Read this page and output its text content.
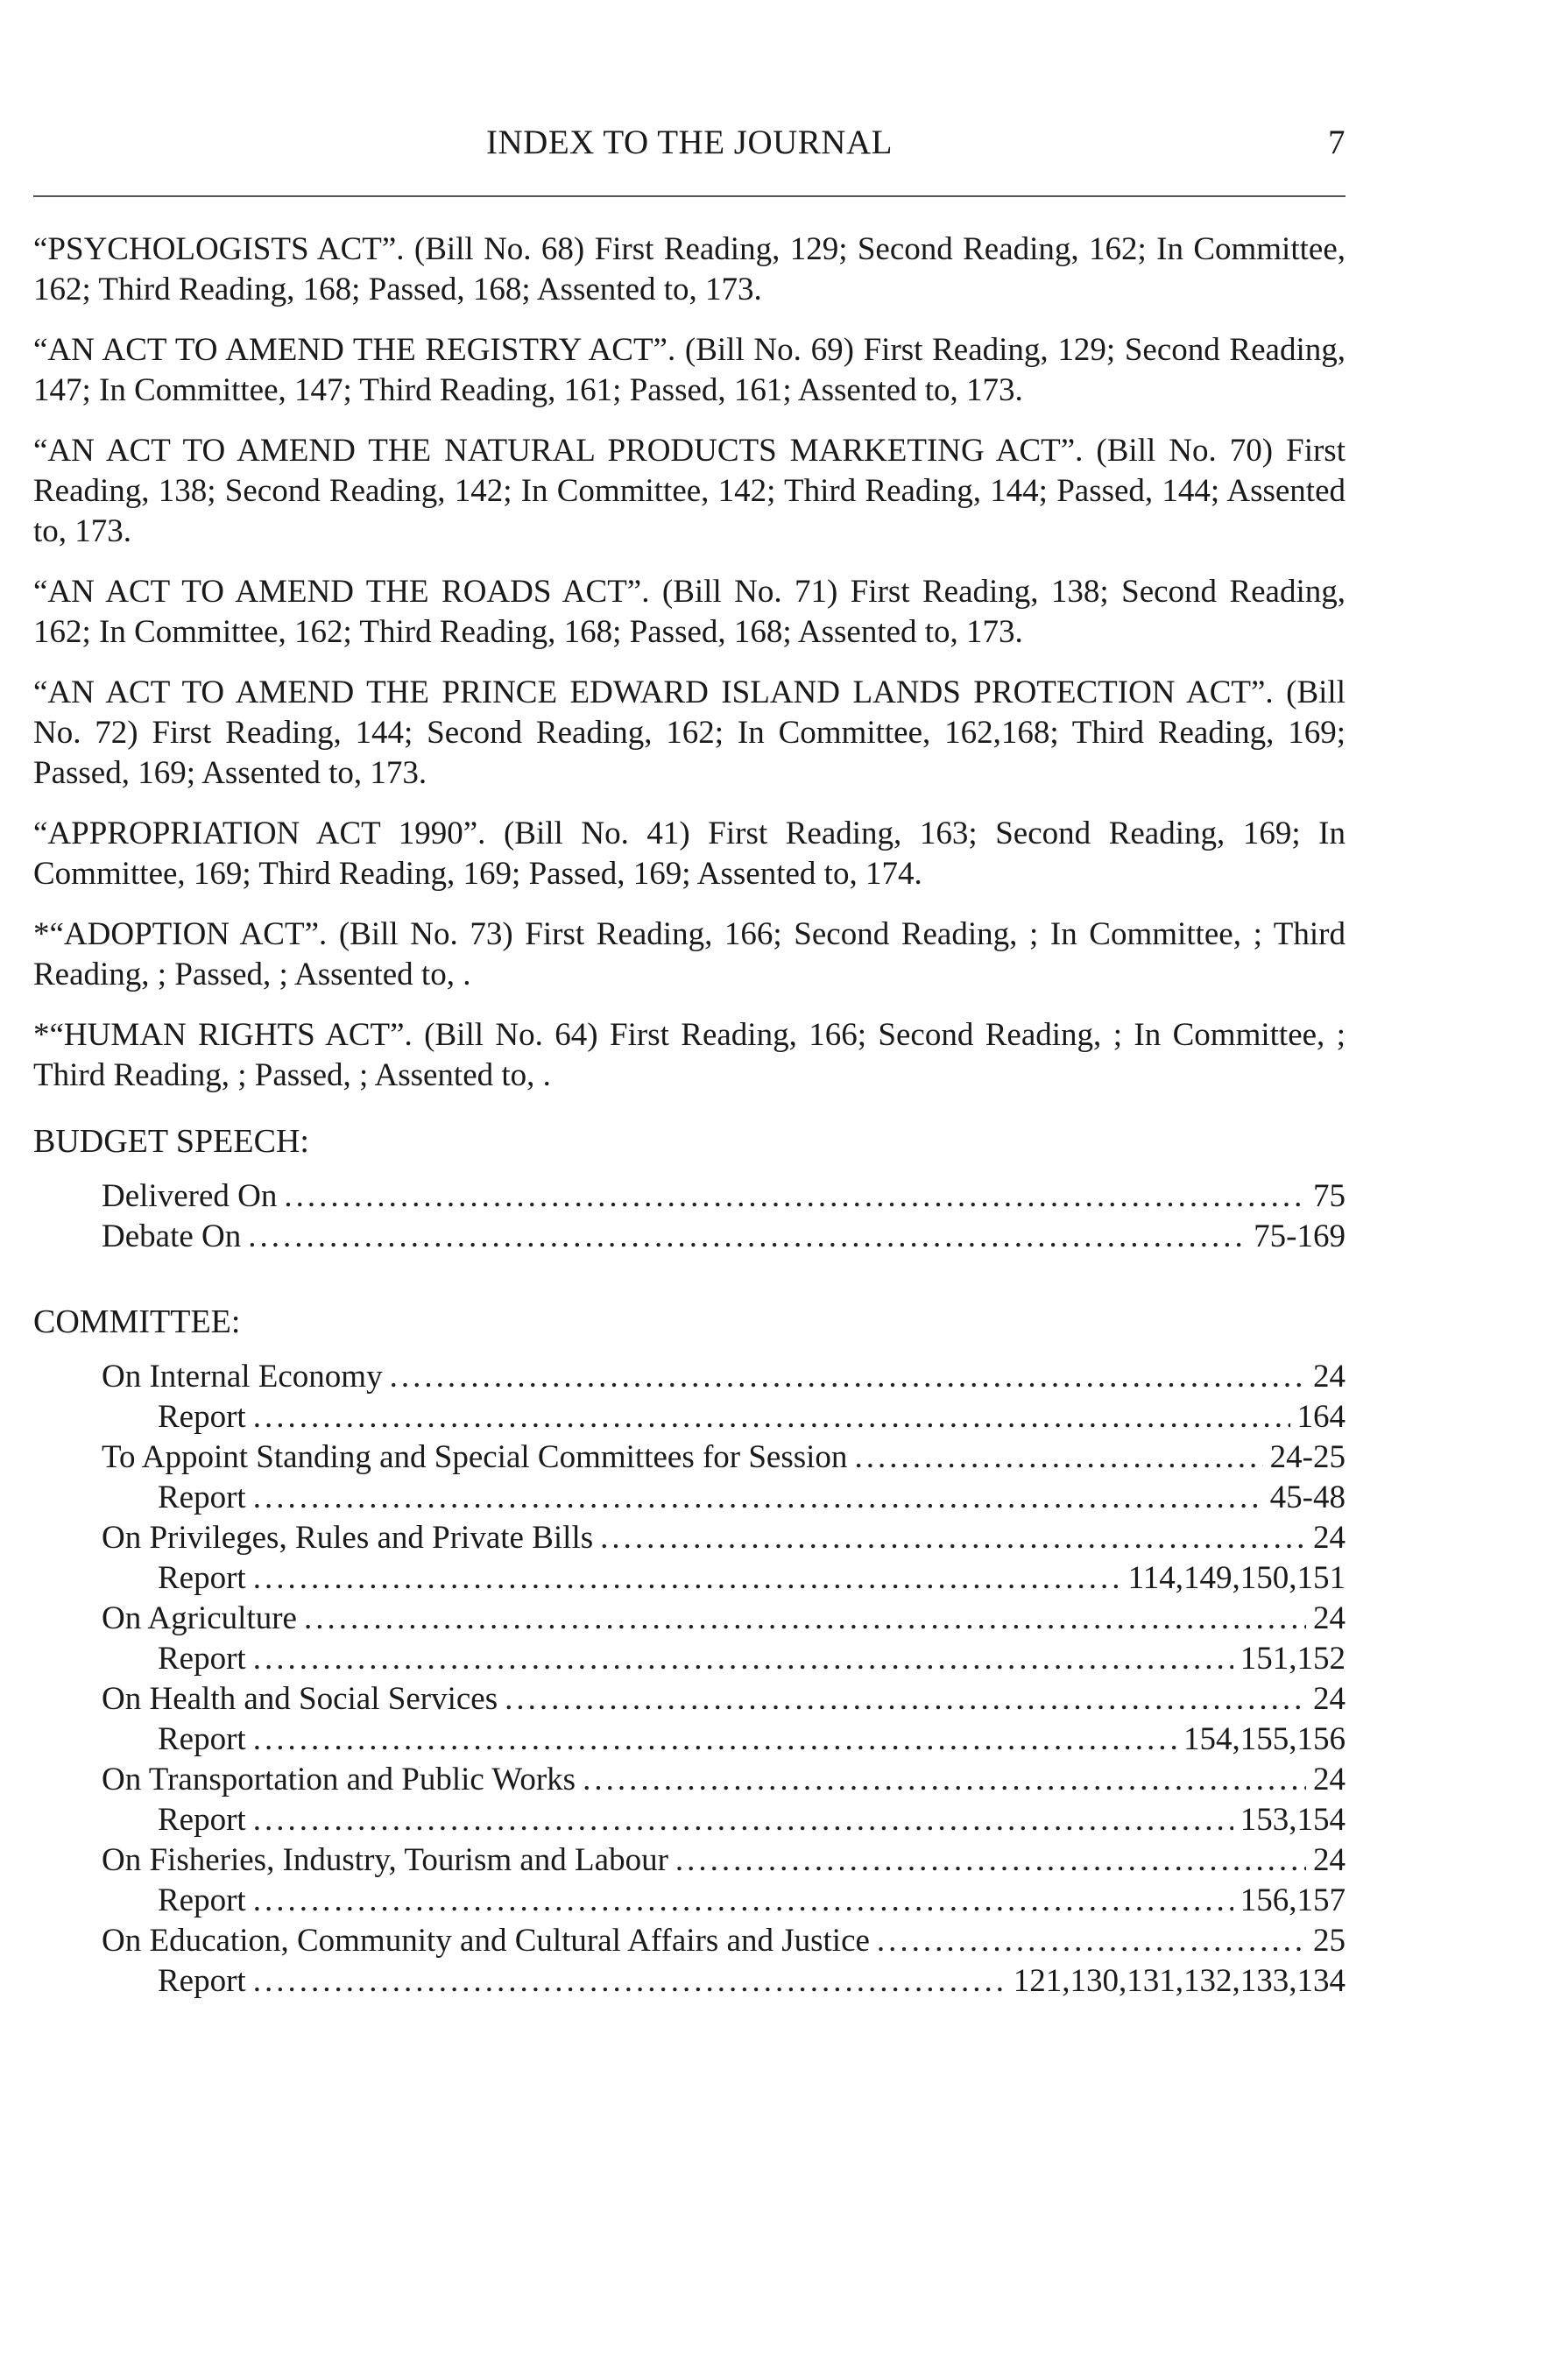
INDEX TO THE JOURNAL	7
“PSYCHOLOGISTS ACT”. (Bill No. 68) First Reading, 129; Second Reading, 162; In Committee, 162; Third Reading, 168; Passed, 168; Assented to, 173.
“AN ACT TO AMEND THE REGISTRY ACT”. (Bill No. 69) First Reading, 129; Second Reading, 147; In Committee, 147; Third Reading, 161; Passed, 161; Assented to, 173.
“AN ACT TO AMEND THE NATURAL PRODUCTS MARKETING ACT”. (Bill No. 70) First Reading, 138; Second Reading, 142; In Committee, 142; Third Reading, 144; Passed, 144; Assented to, 173.
“AN ACT TO AMEND THE ROADS ACT”. (Bill No. 71) First Reading, 138; Second Reading, 162; In Committee, 162; Third Reading, 168; Passed, 168; Assented to, 173.
“AN ACT TO AMEND THE PRINCE EDWARD ISLAND LANDS PROTECTION ACT”. (Bill No. 72) First Reading, 144; Second Reading, 162; In Committee, 162,168; Third Reading, 169; Passed, 169; Assented to, 173.
“APPROPRIATION ACT 1990”. (Bill No. 41) First Reading, 163; Second Reading, 169; In Committee, 169; Third Reading, 169; Passed, 169; Assented to, 174.
*“ADOPTION ACT”. (Bill No. 73) First Reading, 166; Second Reading, ; In Committee, ; Third Reading, ; Passed, ; Assented to, .
*“HUMAN RIGHTS ACT”. (Bill No. 64) First Reading, 166; Second Reading, ; In Committee, ; Third Reading, ; Passed, ; Assented to, .
BUDGET SPEECH:
Delivered On .....	75
Debate On .....	75-169
COMMITTEE:
On Internal Economy .....	24
Report .....	164
To Appoint Standing and Special Committees for Session .....	24-25
Report .....	45-48
On Privileges, Rules and Private Bills .....	24
Report .....	114,149,150,151
On Agriculture .....	24
Report .....	151,152
On Health and Social Services .....	24
Report .....	154,155,156
On Transportation and Public Works .....	24
Report .....	153,154
On Fisheries, Industry, Tourism and Labour .....	24
Report .....	156,157
On Education, Community and Cultural Affairs and Justice .....	25
Report .....	121,130,131,132,133,134
